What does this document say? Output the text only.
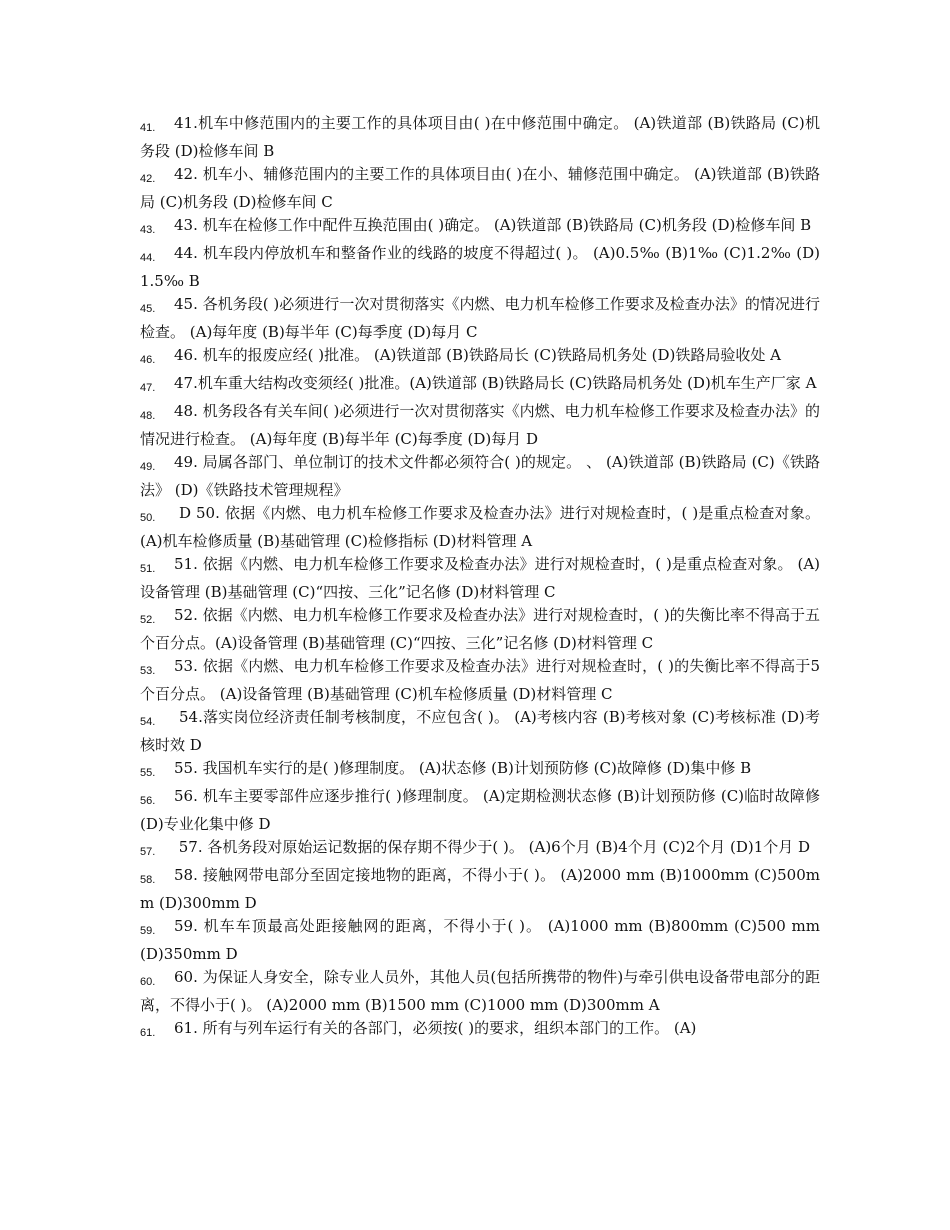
41. 41.机车中修范围内的主要工作的具体项目由( )在中修范围中确定。 (A)铁道部 (B)铁路局 (C)机务段 (D)检修车间 B

42. 42. 机车小、辅修范围内的主要工作的具体项目由( )在小、辅修范围中确定。 (A)铁道部 (B)铁路局 (C)机务段 (D)检修车间 C

43. 43. 机车在检修工作中配件互换范围由( )确定。 (A)铁道部 (B)铁路局 (C)机务段 (D)检修车间 B

44. 44. 机车段内停放机车和整备作业的线路的坡度不得超过( )。 (A)0.5‰ (B)1‰ (C)1.2‰ (D)1.5‰ B

45. 45. 各机务段( )必须进行一次对贯彻落实《内燃、电力机车检修工作要求及检查办法》的情况进行检查。 (A)每年度 (B)每半年 (C)每季度 (D)每月 C

46. 46. 机车的报废应经( )批准。 (A)铁道部 (B)铁路局长 (C)铁路局机务处 (D)铁路局验收处 A

47. 47.机车重大结构改变须经( )批准。(A)铁道部 (B)铁路局长 (C)铁路局机务处 (D)机车生产厂家 A

48. 48. 机务段各有关车间( )必须进行一次对贯彻落实《内燃、电力机车检修工作要求及检查办法》的情况进行检查。 (A)每年度 (B)每半年 (C)每季度 (D)每月 D

49. 49. 局属各部门、单位制订的技术文件都必须符合( )的规定。 、 (A)铁道部 (B)铁路局 (C)《铁路法》 (D)《铁路技术管理规程》

50. D 50. 依据《内燃、电力机车检修工作要求及检查办法》进行对规检查时，( )是重点检查对象。 (A)机车检修质量 (B)基础管理 (C)检修指标 (D)材料管理 A

51. 51. 依据《内燃、电力机车检修工作要求及检查办法》进行对规检查时，( )是重点检查对象。 (A)设备管理 (B)基础管理 (C)“四按、三化”记名修 (D)材料管理 C

52. 52. 依据《内燃、电力机车检修工作要求及检查办法》进行对规检查时，( )的失衡比率不得高于五个百分点。(A)设备管理 (B)基础管理 (C)“四按、三化”记名修 (D)材料管理 C

53. 53. 依据《内燃、电力机车检修工作要求及检查办法》进行对规检查时，( )的失衡比率不得高于5个百分点。 (A)设备管理 (B)基础管理 (C)机车检修质量 (D)材料管理 C

54. 54.落实岗位经济责任制考核制度，不应包含( )。 (A)考核内容 (B)考核对象 (C)考核标准 (D)考核时效 D

55. 55. 我国机车实行的是( )修理制度。 (A)状态修 (B)计划预防修 (C)故障修 (D)集中修 B

56. 56. 机车主要零部件应逐步推行( )修理制度。 (A)定期检测状态修 (B)计划预防修 (C)临时故障修 (D)专业化集中修 D

57. 57. 各机务段对原始运记数据的保存期不得少于( )。 (A)6个月 (B)4个月 (C)2个月 (D)1个月 D

58. 58. 接触网带电部分至固定接地物的距离，不得小于( )。 (A)2000 mm (B)1000mm (C)500mm (D)300mm D

59. 59. 机车车顶最高处距接触网的距离，不得小于( )。 (A)1000 mm (B)800mm (C)500 mm (D)350mm D

60. 60. 为保证人身安全，除专业人员外，其他人员(包括所携带的物件)与牵引供电设备带电部分的距离，不得小于( )。 (A)2000 mm (B)1500 mm (C)1000 mm (D)300mm A

61. 61. 所有与列车运行有关的各部门，必须按( )的要求，组织本部门的工作。 (A)
